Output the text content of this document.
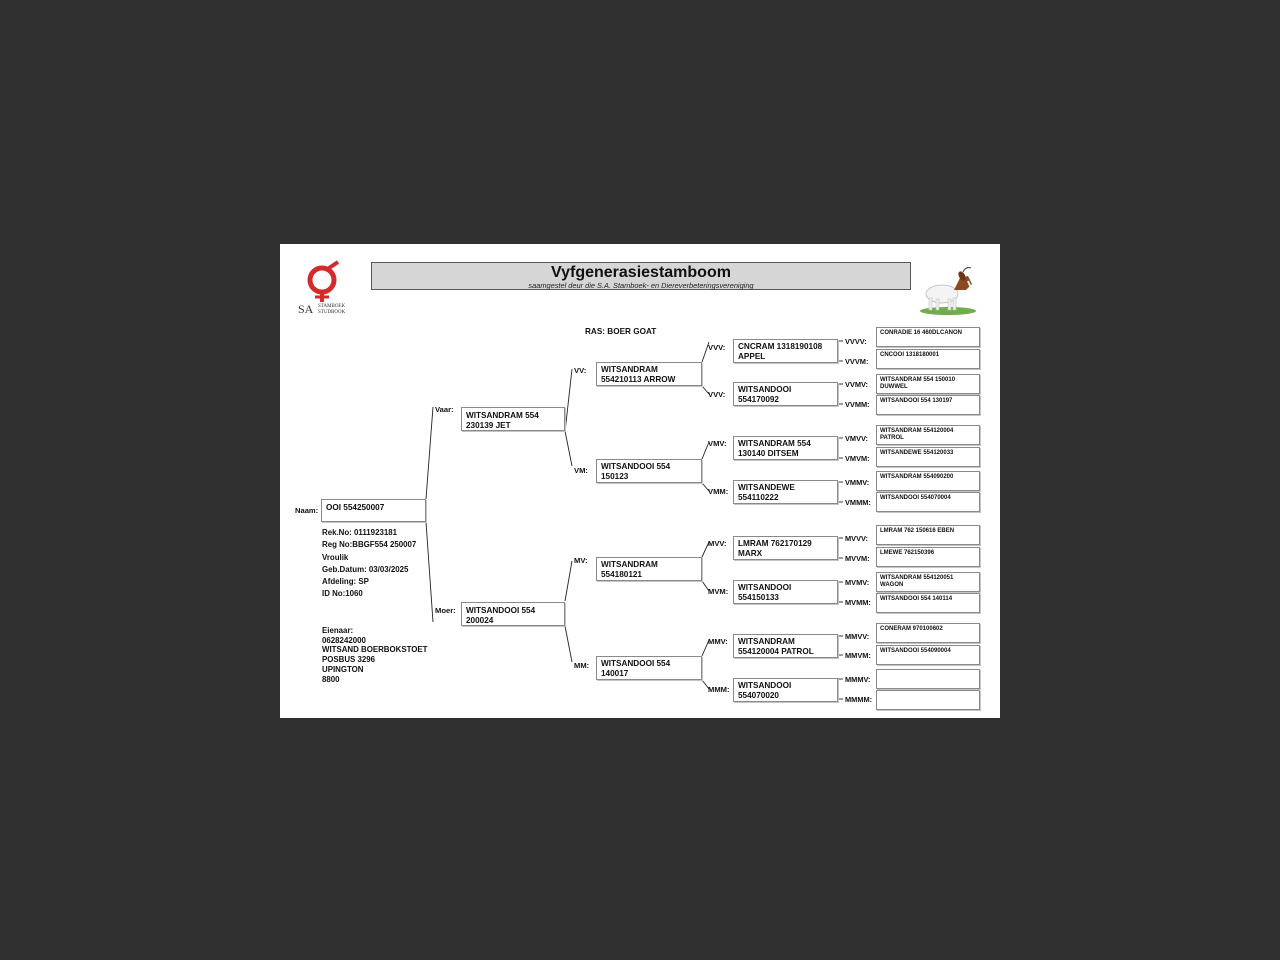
SA STAMBOEK
STUDBOOK
Vyfgenerasiestamboom
saamgestel deur die S.A. Stamboek- en Diereverbeteringsvereniging
RAS: BOER GOAT
Naam: OOI 554250007
Rek.No: 0111923181
Reg No:BBGF554 250007
Vroulik
Geb.Datum: 03/03/2025
Afdeling: SP
ID No:1060
Eienaar:
0628242000
WITSAND BOERBOKSTOET
POSBUS 3296
UPINGTON
8800
Vaar:
WITSANDRAM 554 230139 JET
Moer:	WITSANDOOI 554 200024
VV:	WITSANDRAM 554210113 ARROW
VM:	WITSANDOOI 554 150123
MV:	WITSANDRAM 554180121
MM:	WITSANDOOI 554 140017
VVV:	CNCRAM 1318190108 APPEL
VVV:
WITSANDOOI 554170092
VMV:	WITSANDRAM 554 130140 DITSEM
VMM:	WITSANDEWE 554110222
MVV:	LMRAM 762170129 MARX
MVM:	WITSANDOOI 554150133
MMV:	WITSANDRAM 554120004 PATROL
MMM:	WITSANDOOI 554070020
VVVV:
CONRADIE 16 460DLCANON
VVVM:
CNCOOI 1318180001
VVMV:	WITSANDRAM 554 150010 DUWWEL
VVMM:	WITSANDOOI 554 130197
VMVV:
WITSANDRAM 554120004 PATROL
VMVM:
WITSANDEWE 554120033
VMMV:
WITSANDRAM 554090200
VMMM:	WITSANDOOI 554070004
MVVV:
LMRAM 762 150616 EBEN
MVVM:
LMEWE 762150396
MVMV:	WITSANDRAM 554120051 WAGON
MVMM:	WITSANDOOI 554 140114
MMVV:
CONERAM 970100602
MMVM:	WITSANDOOI 554090004
MMMV:
MMMM:
